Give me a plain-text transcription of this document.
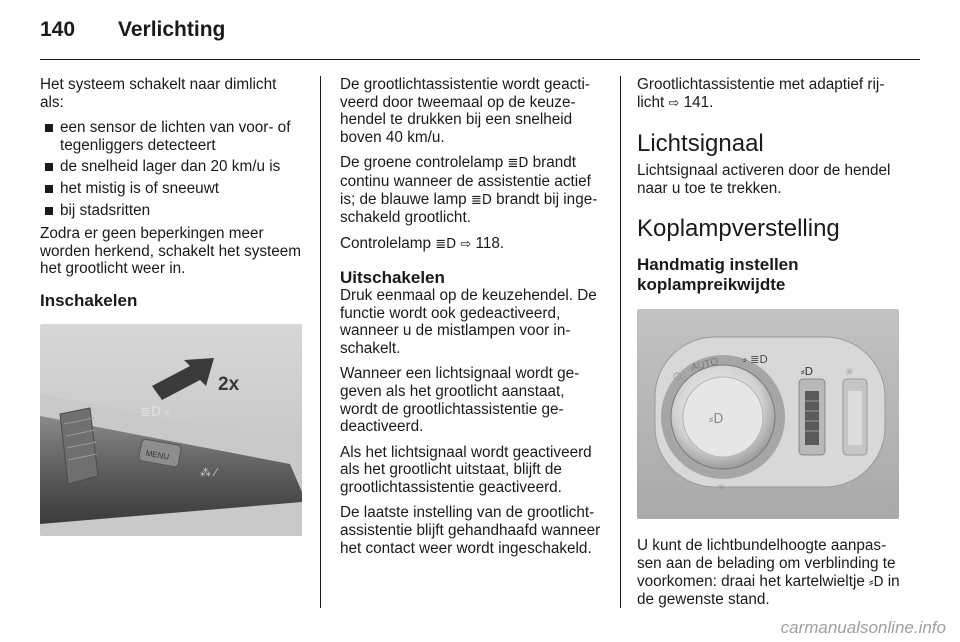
140 Verlichting

Het systeem schakelt naar dimlicht als:

een sensor de lichten van voor- of tegenliggers detecteert
de snelheid lager dan 20 km/u is
het mistig is of sneeuwt
bij stadsritten

Zodra er geen beperkingen meer worden herkend, schakelt het systeem het grootlicht weer in.

Inschakelen
MENU
≣D ⸗
⁂ ⁄
2x

De grootlichtassistentie wordt geactiveerd door tweemaal op de keuzehendel te drukken bij een snelheid boven 40 km/u.

De groene controlelamp ≣D brandt continu wanneer de assistentie actief is; de blauwe lamp ≣D brandt bij ingeschakeld grootlicht.

Controlelamp ≣D ⇨ 118.

Uitschakelen

Druk eenmaal op de keuzehendel. De functie wordt ook gedeactiveerd, wanneer u de mistlampen voor inschakelt.

Wanneer een lichtsignaal wordt gegeven als het grootlicht aanstaat, wordt de grootlichtassistentie gedeactiveerd.

Als het lichtsignaal wordt geactiveerd als het grootlicht uitstaat, blijft de grootlichtassistentie geactiveerd.

De laatste instelling van de grootlichtassistentie blijft gehandhaafd wanneer het contact weer wordt ingeschakeld.

Grootlichtassistentie met adaptief rijlicht ⇨ 141.

Lichtsignaal

Lichtsignaal activeren door de hendel naar u toe te trekken.

Koplampverstelling
Handmatig instellen koplampreikwijdte
⸗D
AUTO ⸗ ≣D
☼
○	⸗D	☼

U kunt de lichtbundelhoogte aanpassen aan de belading om verblinding te voorkomen: draai het kartelwieltje ⸗D in de gewenste stand.

carmanualsonline.info
